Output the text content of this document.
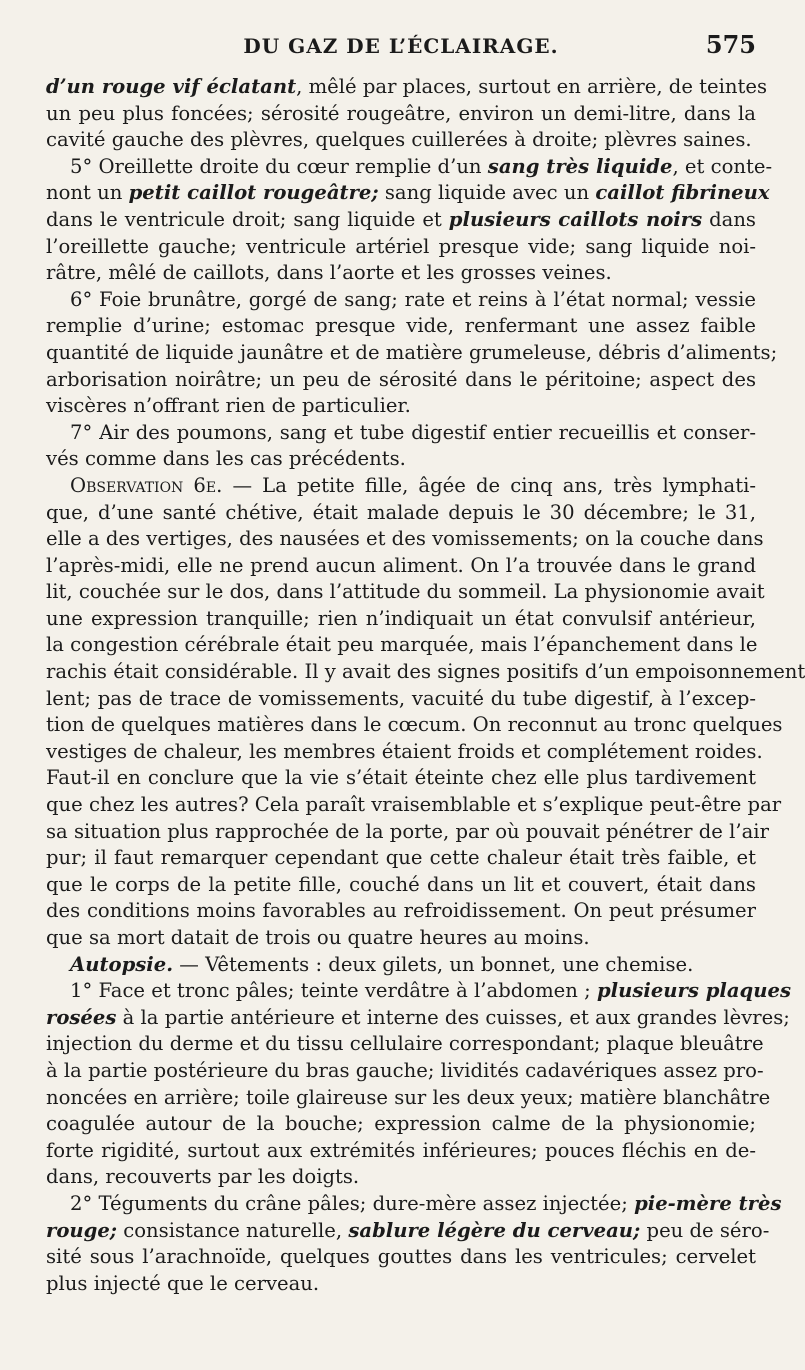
DU GAZ DE L’ÉCLAIRAGE.	575
d’un rouge vif éclatant, mêlé par places, surtout en arrière, de teintes
un peu plus foncées; sérosité rougeâtre, environ un demi-litre, dans la
cavité gauche des plèvres, quelques cuillerées à droite; plèvres saines.
5° Oreillette droite du cœur remplie d’un sang très liquide, et conte-
nont un petit caillot rougeâtre; sang liquide avec un caillot fibrineux
dans le ventricule droit; sang liquide et plusieurs caillots noirs dans
l’oreillette gauche; ventricule artériel presque vide; sang liquide noi-
râtre, mêlé de caillots, dans l’aorte et les grosses veines.
6° Foie brunâtre, gorgé de sang; rate et reins à l’état normal; vessie
remplie d’urine; estomac presque vide, renfermant une assez faible
quantité de liquide jaunâtre et de matière grumeleuse, débris d’aliments;
arborisation noirâtre; un peu de sérosité dans le péritoine; aspect des
viscères n’offrant rien de particulier.
7° Air des poumons, sang et tube digestif entier recueillis et conser-
vés comme dans les cas précédents.
Observation 6e. — La petite fille, âgée de cinq ans, très lymphati-
que, d’une santé chétive, était malade depuis le 30 décembre; le 31,
elle a des vertiges, des nausées et des vomissements; on la couche dans
l’après-midi, elle ne prend aucun aliment. On l’a trouvée dans le grand
lit, couchée sur le dos, dans l’attitude du sommeil. La physionomie avait
une expression tranquille; rien n’indiquait un état convulsif antérieur,
la congestion cérébrale était peu marquée, mais l’épanchement dans le
rachis était considérable. Il y avait des signes positifs d’un empoisonnement
lent; pas de trace de vomissements, vacuité du tube digestif, à l’excep-
tion de quelques matières dans le cœcum. On reconnut au tronc quelques
vestiges de chaleur, les membres étaient froids et complétement roides.
Faut-il en conclure que la vie s’était éteinte chez elle plus tardivement
que chez les autres? Cela paraît vraisemblable et s’explique peut-être par
sa situation plus rapprochée de la porte, par où pouvait pénétrer de l’air
pur; il faut remarquer cependant que cette chaleur était très faible, et
que le corps de la petite fille, couché dans un lit et couvert, était dans
des conditions moins favorables au refroidissement. On peut présumer
que sa mort datait de trois ou quatre heures au moins.
Autopsie. — Vêtements : deux gilets, un bonnet, une chemise.
1° Face et tronc pâles; teinte verdâtre à l’abdomen ; plusieurs plaques
rosées à la partie antérieure et interne des cuisses, et aux grandes lèvres;
injection du derme et du tissu cellulaire correspondant; plaque bleuâtre
à la partie postérieure du bras gauche; lividités cadavériques assez pro-
noncées en arrière; toile glaireuse sur les deux yeux; matière blanchâtre
coagulée autour de la bouche; expression calme de la physionomie;
forte rigidité, surtout aux extrémités inférieures; pouces fléchis en de-
dans, recouverts par les doigts.
2° Téguments du crâne pâles; dure-mère assez injectée; pie-mère très
rouge; consistance naturelle, sablure légère du cerveau; peu de séro-
sité sous l’arachnoïde, quelques gouttes dans les ventricules; cervelet
plus injecté que le cerveau.
